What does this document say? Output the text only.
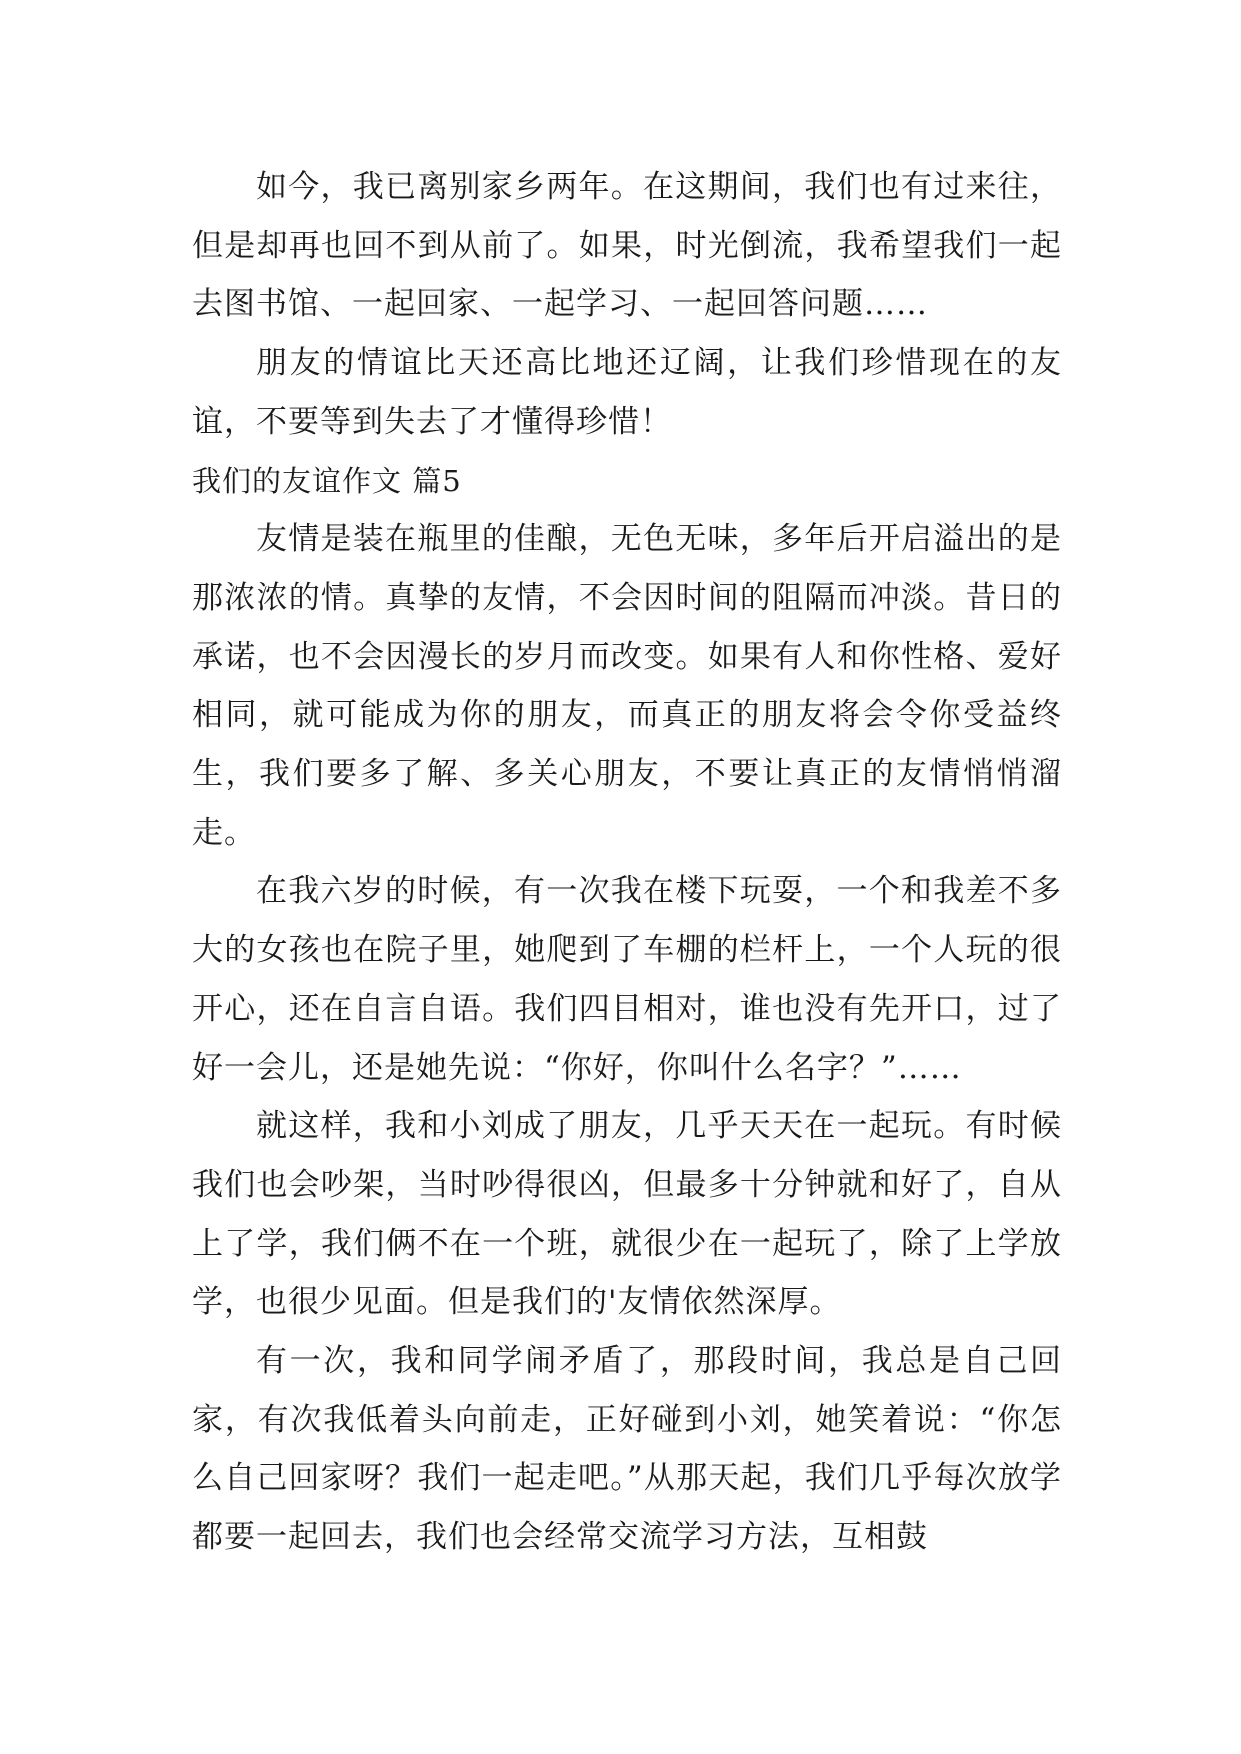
如今，我已离别家乡两年。在这期间，我们也有过来往，但是却再也回不到从前了。如果，时光倒流，我希望我们一起去图书馆、一起回家、一起学习、一起回答问题……

朋友的情谊比天还高比地还辽阔，让我们珍惜现在的友谊，不要等到失去了才懂得珍惜！

我们的友谊作文 篇5

友情是装在瓶里的佳酿，无色无味，多年后开启溢出的是那浓浓的情。真挚的友情，不会因时间的阻隔而冲淡。昔日的承诺，也不会因漫长的岁月而改变。如果有人和你性格、爱好相同，就可能成为你的朋友，而真正的朋友将会令你受益终生，我们要多了解、多关心朋友，不要让真正的友情悄悄溜走。

在我六岁的时候，有一次我在楼下玩耍，一个和我差不多大的女孩也在院子里，她爬到了车棚的栏杆上，一个人玩的很开心，还在自言自语。我们四目相对，谁也没有先开口，过了好一会儿，还是她先说：“你好，你叫什么名字？”……

就这样，我和小刘成了朋友，几乎天天在一起玩。有时候我们也会吵架，当时吵得很凶，但最多十分钟就和好了，自从上了学，我们俩不在一个班，就很少在一起玩了，除了上学放学，也很少见面。但是我们的'友情依然深厚。

有一次，我和同学闹矛盾了，那段时间，我总是自己回家，有次我低着头向前走，正好碰到小刘，她笑着说：“你怎么自己回家呀？我们一起走吧。”从那天起，我们几乎每次放学都要一起回去，我们也会经常交流学习方法，互相鼓
